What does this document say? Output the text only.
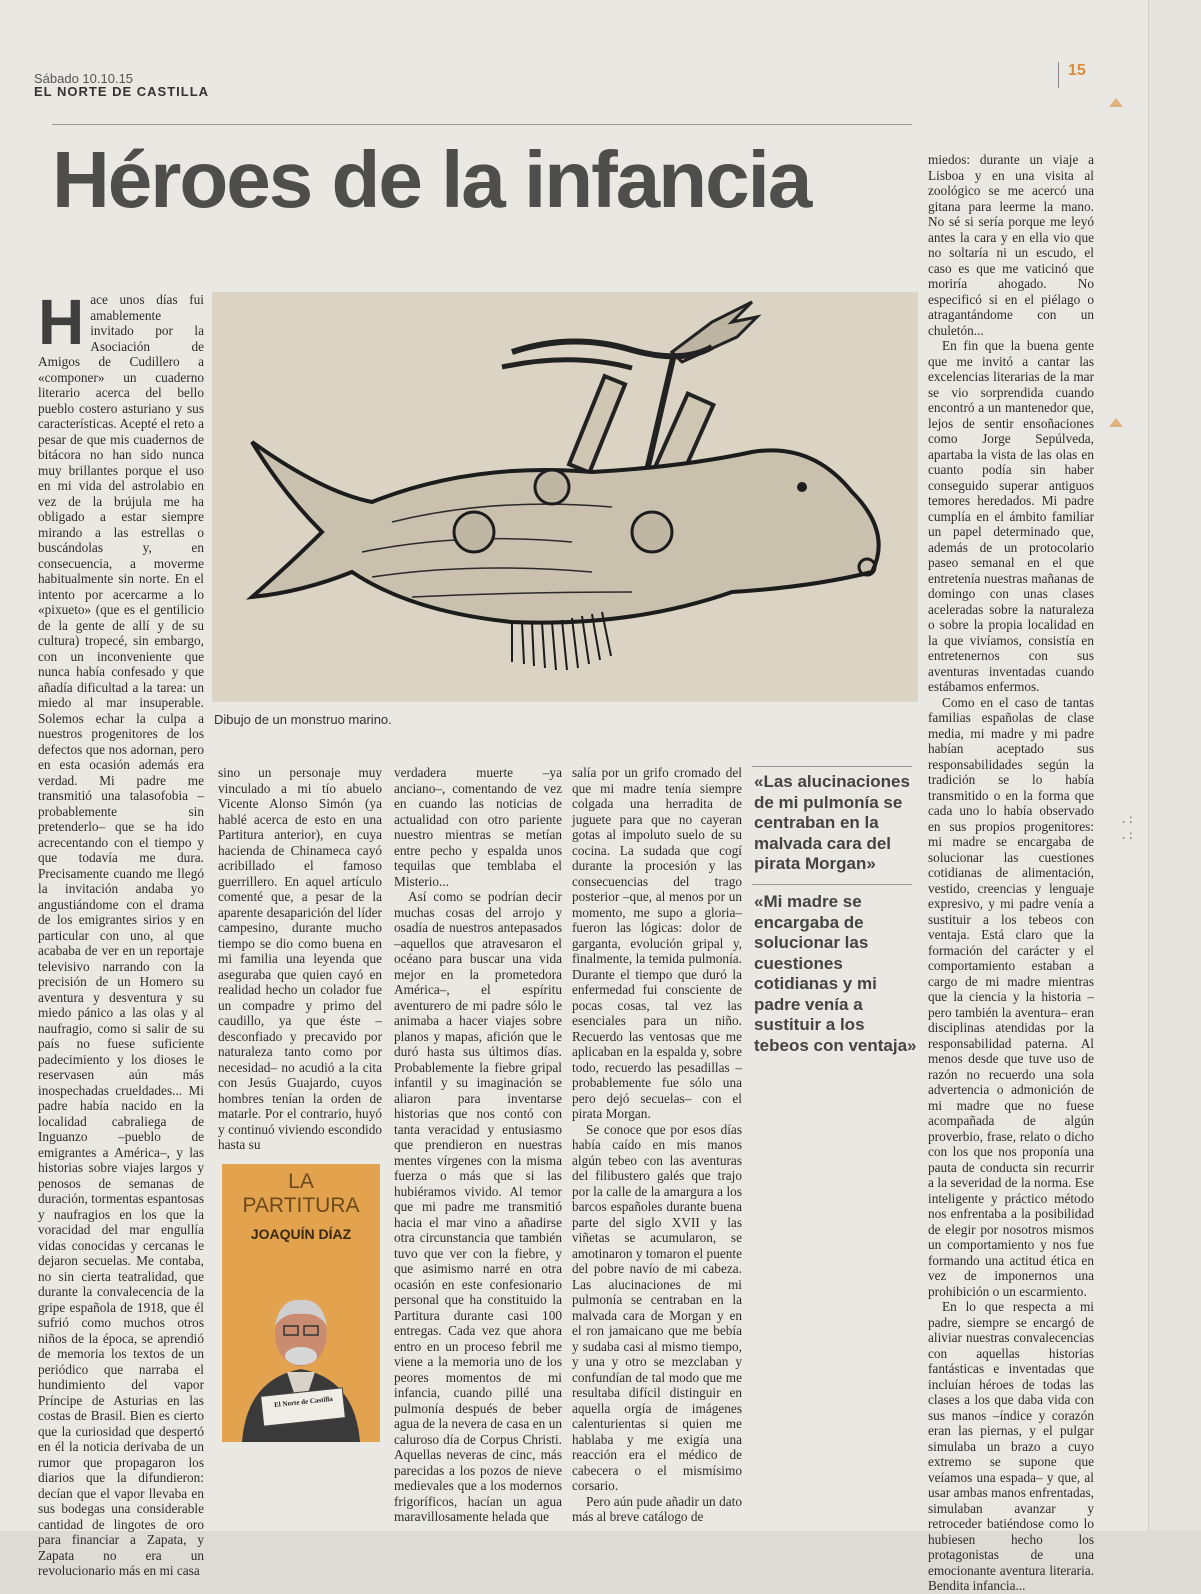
Sábado 10.10.15
EL NORTE DE CASTILLA
15
Héroes de la infancia

Hace unos días fui amablemente invitado por la Asociación de Amigos de Cudillero a «componer» un cuaderno literario acerca del bello pueblo costero asturiano y sus características. Acepté el reto a pesar de que mis cuadernos de bitácora no han sido nunca muy brillantes porque el uso en mi vida del astrolabio en vez de la brújula me ha obligado a estar siempre mirando a las estrellas o buscándolas y, en consecuencia, a moverme habitualmente sin norte. En el intento por acercarme a lo «pixueto» (que es el gentilicio de la gente de allí y de su cultura) tropecé, sin embargo, con un inconveniente que nunca había confesado y que añadía dificultad a la tarea: un miedo al mar insuperable. Solemos echar la culpa a nuestros progenitores de los defectos que nos adornan, pero en esta ocasión además era verdad. Mi padre me transmitió una talasofobia –probablemente sin pretenderlo– que se ha ido acrecentando con el tiempo y que todavía me dura. Precisamente cuando me llegó la invitación andaba yo angustiándome con el drama de los emigrantes sirios y en particular con uno, al que acababa de ver en un reportaje televisivo narrando con la precisión de un Homero su aventura y desventura y su miedo pánico a las olas y al naufragio, como si salir de su país no fuese suficiente padecimiento y los dioses le reservasen aún más inospechadas crueldades... Mi padre había nacido en la localidad cabraliega de Inguanzo –pueblo de emigrantes a América–, y las historias sobre viajes largos y penosos de semanas de duración, tormentas espantosas y naufragios en los que la voracidad del mar engullía vidas conocidas y cercanas le dejaron secuelas. Me contaba, no sin cierta teatralidad, que durante la convalecencia de la gripe española de 1918, que él sufrió como muchos otros niños de la época, se aprendió de memoria los textos de un periódico que narraba el hundimiento del vapor Príncipe de Asturias en las costas de Brasil. Bien es cierto que la curiosidad que despertó en él la noticia derivaba de un rumor que propagaron los diarios que la difundieron: decían que el vapor llevaba en sus bodegas una considerable cantidad de lingotes de oro para financiar a Zapata, y Zapata no era un revolucionario más en mi casa

Dibujo de un monstruo marino.

sino un personaje muy vinculado a mi tío abuelo Vicente Alonso Simón (ya hablé acerca de esto en una Partitura anterior), en cuya hacienda de Chinameca cayó acribillado el famoso guerrillero. En aquel artículo comenté que, a pesar de la aparente desaparición del líder campesino, durante mucho tiempo se dio como buena en mi familia una leyenda que aseguraba que quien cayó en realidad hecho un colador fue un compadre y primo del caudillo, ya que éste –desconfiado y precavido por naturaleza tanto como por necesidad– no acudió a la cita con Jesús Guajardo, cuyos hombres tenían la orden de matarle. Por el contrario, huyó y continuó viviendo escondido hasta su

LA
PARTITURA
JOAQUÍN DÍAZ
El Norte de Castilla

verdadera muerte –ya anciano–, comentando de vez en cuando las noticias de actualidad con otro pariente nuestro mientras se metían entre pecho y espalda unos tequilas que temblaba el Misterio...

Así como se podrían decir muchas cosas del arrojo y osadía de nuestros antepasados –aquellos que atravesaron el océano para buscar una vida mejor en la prometedora América–, el espíritu aventurero de mi padre sólo le animaba a hacer viajes sobre planos y mapas, afición que le duró hasta sus últimos días. Probablemente la fiebre gripal infantil y su imaginación se aliaron para inventarse historias que nos contó con tanta veracidad y entusiasmo que prendieron en nuestras mentes vírgenes con la misma fuerza o más que si las hubiéramos vivido. Al temor que mi padre me transmitió hacia el mar vino a añadirse otra circunstancia que también tuvo que ver con la fiebre, y que asimismo narré en otra ocasión en este confesionario personal que ha constituido la Partitura durante casi 100 entregas. Cada vez que ahora entro en un proceso febril me viene a la memoria uno de los peores momentos de mi infancia, cuando pillé una pulmonía después de beber agua de la nevera de casa en un caluroso día de Corpus Christi. Aquellas neveras de cinc, más parecidas a los pozos de nieve medievales que a los modernos frigoríficos, hacían un agua maravillosamente helada que

salía por un grifo cromado del que mi madre tenía siempre colgada una herradita de juguete para que no cayeran gotas al impoluto suelo de su cocina. La sudada que cogí durante la procesión y las consecuencias del trago posterior –que, al menos por un momento, me supo a gloria– fueron las lógicas: dolor de garganta, evolución gripal y, finalmente, la temida pulmonía. Durante el tiempo que duró la enfermedad fui consciente de pocas cosas, tal vez las esenciales para un niño. Recuerdo las ventosas que me aplicaban en la espalda y, sobre todo, recuerdo las pesadillas –probablemente fue sólo una pero dejó secuelas– con el pirata Morgan.

Se conoce que por esos días había caído en mis manos algún tebeo con las aventuras del filibustero galés que trajo por la calle de la amargura a los barcos españoles durante buena parte del siglo XVII y las viñetas se acumularon, se amotinaron y tomaron el puente del pobre navío de mi cabeza. Las alucinaciones de mi pulmonía se centraban en la malvada cara de Morgan y en el ron jamaicano que me bebía y sudaba casi al mismo tiempo, y una y otro se mezclaban y confundían de tal modo que me resultaba difícil distinguir en aquella orgía de imágenes calenturientas si quien me hablaba y me exigía una reacción era el médico de cabecera o el mismísimo corsario.

Pero aún pude añadir un dato más al breve catálogo de

«Las alucinaciones de mi pulmonía se centraban en la malvada cara del pirata Morgan»
«Mi madre se encargaba de solucionar las cuestiones cotidianas y mi padre venía a sustituir a los tebeos con ventaja»

miedos: durante un viaje a Lisboa y en una visita al zoológico se me acercó una gitana para leerme la mano. No sé si sería porque me leyó antes la cara y en ella vio que no soltaría ni un escudo, el caso es que me vaticinó que moriría ahogado. No especificó si en el piélago o atragantándome con un chuletón...

En fin que la buena gente que me invitó a cantar las excelencias literarias de la mar se vio sorprendida cuando encontró a un mantenedor que, lejos de sentir ensoñaciones como Jorge Sepúlveda, apartaba la vista de las olas en cuanto podía sin haber conseguido superar antiguos temores heredados. Mi padre cumplía en el ámbito familiar un papel determinado que, además de un protocolario paseo semanal en el que entretenía nuestras mañanas de domingo con unas clases aceleradas sobre la naturaleza o sobre la propia localidad en la que vivíamos, consistía en entretenernos con sus aventuras inventadas cuando estábamos enfermos.

Como en el caso de tantas familias españolas de clase media, mi madre y mi padre habían aceptado sus responsabilidades según la tradición se lo había transmitido o en la forma que cada uno lo había observado en sus propios progenitores: mi madre se encargaba de solucionar las cuestiones cotidianas de alimentación, vestido, creencias y lenguaje expresivo, y mi padre venía a sustituir a los tebeos con ventaja. Está claro que la formación del carácter y el comportamiento estaban a cargo de mi madre mientras que la ciencia y la historia –pero también la aventura– eran disciplinas atendidas por la responsabilidad paterna. Al menos desde que tuve uso de razón no recuerdo una sola advertencia o admonición de mi madre que no fuese acompañada de algún proverbio, frase, relato o dicho con los que nos proponía una pauta de conducta sin recurrir a la severidad de la norma. Ese inteligente y práctico método nos enfrentaba a la posibilidad de elegir por nosotros mismos un comportamiento y nos fue formando una actitud ética en vez de imponernos una prohibición o un escarmiento.

En lo que respecta a mi padre, siempre se encargó de aliviar nuestras convalecencias con aquellas historias fantásticas e inventadas que incluían héroes de todas las clases a los que daba vida con sus manos –índice y corazón eran las piernas, y el pulgar simulaba un brazo a cuyo extremo se supone que veíamos una espada– y que, al usar ambas manos enfrentadas, simulaban avanzar y retroceder batiéndose como lo hubiesen hecho los protagonistas de una emocionante aventura literaria. Bendita infancia...

.:
.:
